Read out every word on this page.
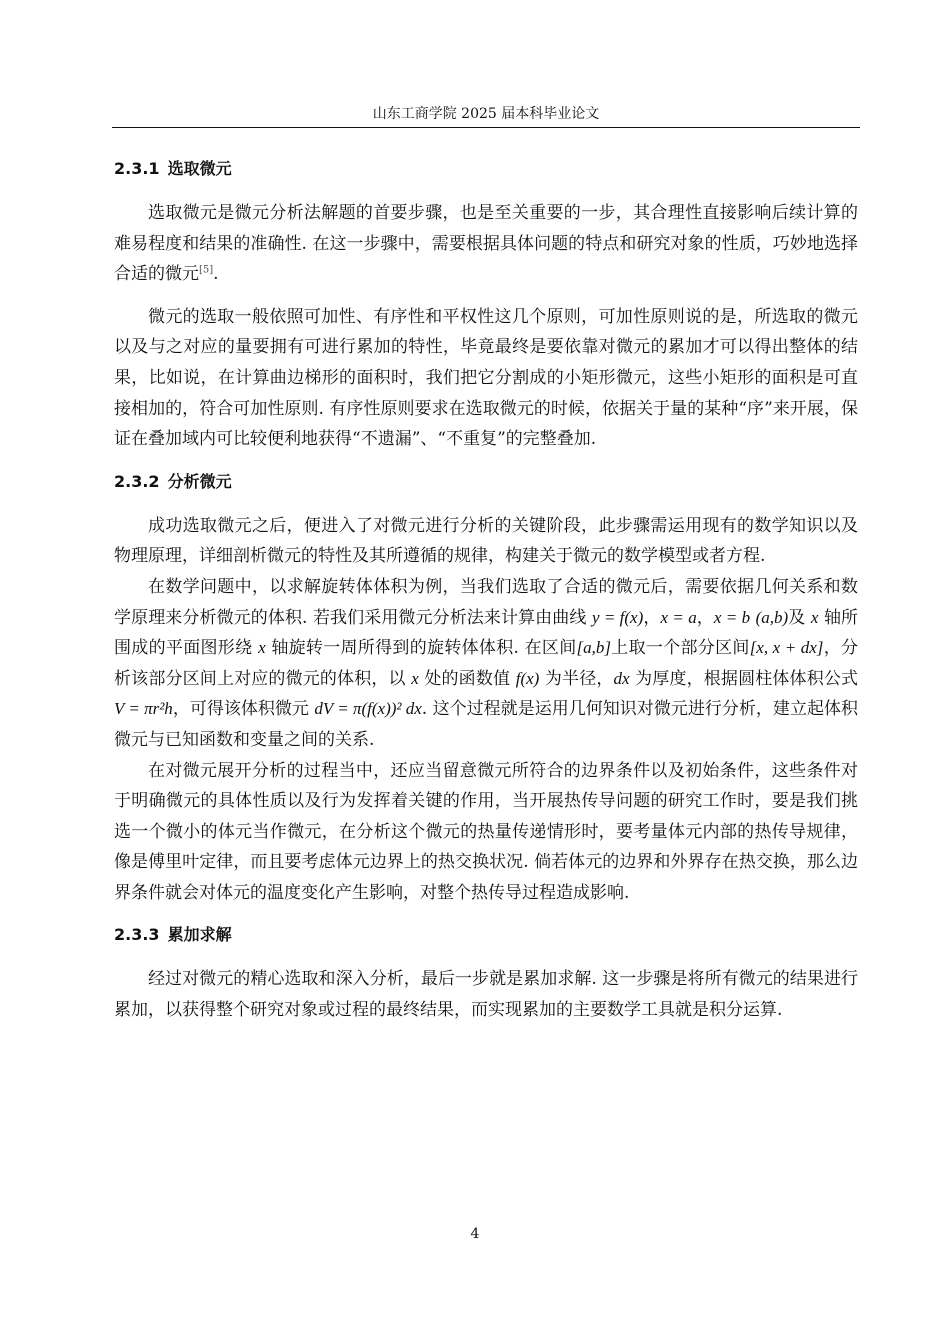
山东工商学院 2025 届本科毕业论文
2.3.1 选取微元

选取微元是微元分析法解题的首要步骤，也是至关重要的一步，其合理性直接影响后续计算的难易程度和结果的准确性. 在这一步骤中，需要根据具体问题的特点和研究对象的性质，巧妙地选择合适的微元[5].

微元的选取一般依照可加性、有序性和平权性这几个原则，可加性原则说的是，所选取的微元以及与之对应的量要拥有可进行累加的特性，毕竟最终是要依靠对微元的累加才可以得出整体的结果，比如说，在计算曲边梯形的面积时，我们把它分割成的小矩形微元，这些小矩形的面积是可直接相加的，符合可加性原则. 有序性原则要求在选取微元的时候，依据关于量的某种“序”来开展，保证在叠加域内可比较便利地获得“不遗漏”、“不重复”的完整叠加.

2.3.2 分析微元

成功选取微元之后，便进入了对微元进行分析的关键阶段，此步骤需运用现有的数学知识以及物理原理，详细剖析微元的特性及其所遵循的规律，构建关于微元的数学模型或者方程.

在数学问题中，以求解旋转体体积为例，当我们选取了合适的微元后，需要依据几何关系和数学原理来分析微元的体积. 若我们采用微元分析法来计算由曲线 y = f(x)，x = a，x = b (a,b)及 x 轴所围成的平面图形绕 x 轴旋转一周所得到的旋转体体积. 在区间[a,b]上取一个部分区间[x, x + dx]，分析该部分区间上对应的微元的体积，以 x 处的函数值 f(x) 为半径，dx 为厚度，根据圆柱体体积公式 V = πr²h，可得该体积微元 dV = π(f(x))² dx. 这个过程就是运用几何知识对微元进行分析，建立起体积微元与已知函数和变量之间的关系.

在对微元展开分析的过程当中，还应当留意微元所符合的边界条件以及初始条件，这些条件对于明确微元的具体性质以及行为发挥着关键的作用，当开展热传导问题的研究工作时，要是我们挑选一个微小的体元当作微元，在分析这个微元的热量传递情形时，要考量体元内部的热传导规律，像是傅里叶定律，而且要考虑体元边界上的热交换状况. 倘若体元的边界和外界存在热交换，那么边界条件就会对体元的温度变化产生影响，对整个热传导过程造成影响.

2.3.3 累加求解

经过对微元的精心选取和深入分析，最后一步就是累加求解. 这一步骤是将所有微元的结果进行累加，以获得整个研究对象或过程的最终结果，而实现累加的主要数学工具就是积分运算.

4
